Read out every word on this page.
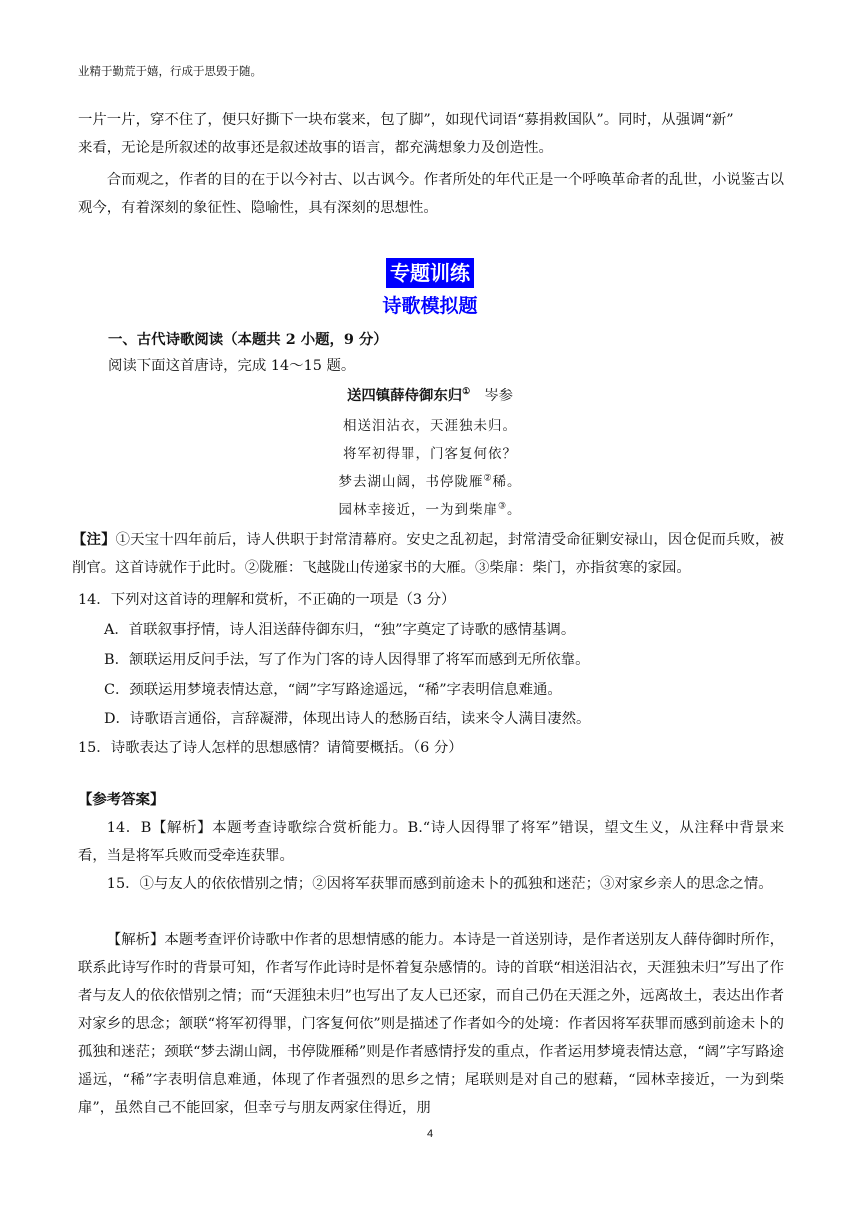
业精于勤荒于嬉，行成于思毁于随。

一片一片，穿不住了，便只好撕下一块布裳来，包了脚”，如现代词语“募捐救国队”。同时，从强调“新”

来看，无论是所叙述的故事还是叙述故事的语言，都充满想象力及创造性。

合而观之，作者的目的在于以今衬古、以古讽今。作者所处的年代正是一个呼唤革命者的乱世，小说鉴古以观今，有着深刻的象征性、隐喻性，具有深刻的思想性。

专题训练
诗歌模拟题

一、古代诗歌阅读（本题共 2 小题，9 分）

阅读下面这首唐诗，完成 14～15 题。

送四镇薛侍御东归① 岑参
相送泪沾衣，天涯独未归。
将军初得罪，门客复何依？
梦去湖山阔，书停陇雁②稀。
园林幸接近，一为到柴扉③。

【注】①天宝十四年前后，诗人供职于封常清幕府。安史之乱初起，封常清受命征剿安禄山，因仓促而兵败，被削官。这首诗就作于此时。②陇雁：飞越陇山传递家书的大雁。③柴扉：柴门，亦指贫寒的家园。

14．下列对这首诗的理解和赏析，不正确的一项是（3 分）

A．首联叙事抒情，诗人泪送薛侍御东归，“独”字奠定了诗歌的感情基调。

B．颔联运用反问手法，写了作为门客的诗人因得罪了将军而感到无所依靠。

C．颈联运用梦境表情达意，“阔”字写路途遥远，“稀”字表明信息难通。

D．诗歌语言通俗，言辞凝滞，体现出诗人的愁肠百结，读来令人满目凄然。

15．诗歌表达了诗人怎样的思想感情？请简要概括。（6 分）

【参考答案】

14．B【解析】本题考查诗歌综合赏析能力。B.“诗人因得罪了将军”错误，望文生义，从注释中背景来看，当是将军兵败而受牵连获罪。

15．①与友人的依依惜别之情；②因将军获罪而感到前途未卜的孤独和迷茫；③对家乡亲人的思念之情。

【解析】本题考查评价诗歌中作者的思想情感的能力。本诗是一首送别诗，是作者送别友人薛侍御时所作，联系此诗写作时的背景可知，作者写作此诗时是怀着复杂感情的。诗的首联“相送泪沾衣，天涯独未归”写出了作者与友人的依依惜别之情；而“天涯独未归”也写出了友人已还家，而自己仍在天涯之外，远离故土，表达出作者对家乡的思念；颔联“将军初得罪，门客复何依”则是描述了作者如今的处境：作者因将军获罪而感到前途未卜的孤独和迷茫；颈联“梦去湖山阔，书停陇雁稀”则是作者感情抒发的重点，作者运用梦境表情达意，“阔”字写路途遥远，“稀”字表明信息难通，体现了作者强烈的思乡之情；尾联则是对自己的慰藉，“园林幸接近，一为到柴扉”，虽然自己不能回家，但幸亏与朋友两家住得近，朋

4
